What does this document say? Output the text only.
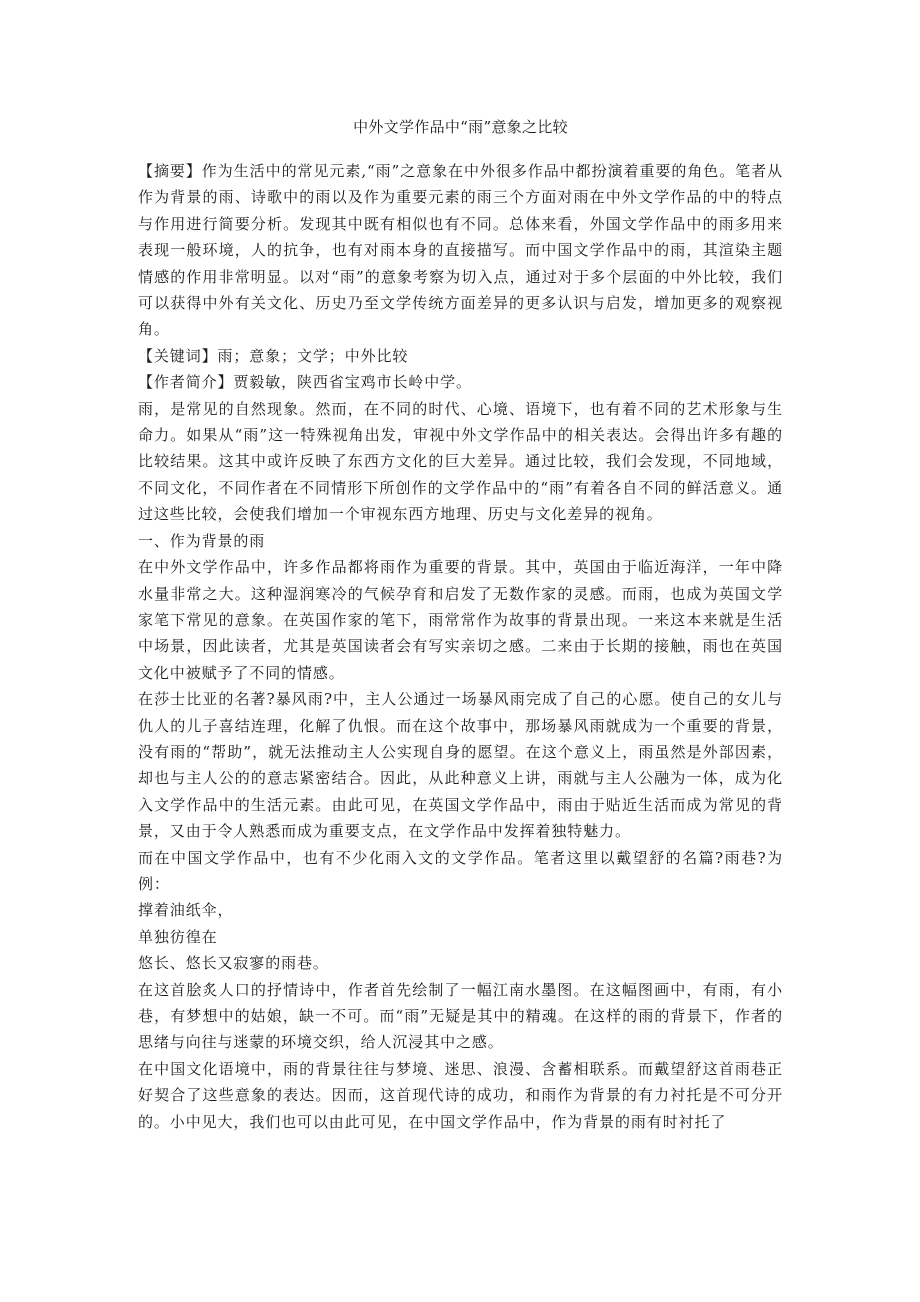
中外文学作品中“雨”意象之比较

【摘要】作为生活中的常见元素,“雨”之意象在中外很多作品中都扮演着重要的角色。笔者从作为背景的雨、诗歌中的雨以及作为重要元素的雨三个方面对雨在中外文学作品的中的特点与作用进行简要分析。发现其中既有相似也有不同。总体来看，外国文学作品中的雨多用来表现一般环境，人的抗争，也有对雨本身的直接描写。而中国文学作品中的雨，其渲染主题情感的作用非常明显。以对“雨”的意象考察为切入点，通过对于多个层面的中外比较，我们可以获得中外有关文化、历史乃至文学传统方面差异的更多认识与启发，增加更多的观察视角。

【关键词】雨；意象；文学；中外比较

【作者简介】贾毅敏，陕西省宝鸡市长岭中学。

雨，是常见的自然现象。然而，在不同的时代、心境、语境下，也有着不同的艺术形象与生命力。如果从“雨”这一特殊视角出发，审视中外文学作品中的相关表达。会得出许多有趣的比较结果。这其中或许反映了东西方文化的巨大差异。通过比较，我们会发现，不同地域，不同文化，不同作者在不同情形下所创作的文学作品中的“雨”有着各自不同的鲜活意义。通过这些比较，会使我们增加一个审视东西方地理、历史与文化差异的视角。

一、作为背景的雨

在中外文学作品中，许多作品都将雨作为重要的背景。其中，英国由于临近海洋，一年中降水量非常之大。这种湿润寒冷的气候孕育和启发了无数作家的灵感。而雨，也成为英国文学家笔下常见的意象。在英国作家的笔下，雨常常作为故事的背景出现。一来这本来就是生活中场景，因此读者，尤其是英国读者会有写实亲切之感。二来由于长期的接触，雨也在英国文化中被赋予了不同的情感。

在莎士比亚的名著?暴风雨?中，主人公通过一场暴风雨完成了自己的心愿。使自己的女儿与仇人的儿子喜结连理，化解了仇恨。而在这个故事中，那场暴风雨就成为一个重要的背景，没有雨的“帮助”，就无法推动主人公实现自身的愿望。在这个意义上，雨虽然是外部因素，却也与主人公的的意志紧密结合。因此，从此种意义上讲，雨就与主人公融为一体，成为化入文学作品中的生活元素。由此可见，在英国文学作品中，雨由于贴近生活而成为常见的背景，又由于令人熟悉而成为重要支点，在文学作品中发挥着独特魅力。

而在中国文学作品中，也有不少化雨入文的文学作品。笔者这里以戴望舒的名篇?雨巷?为例：

撑着油纸伞，

单独彷徨在

悠长、悠长又寂寥的雨巷。

在这首脍炙人口的抒情诗中，作者首先绘制了一幅江南水墨图。在这幅图画中，有雨，有小巷，有梦想中的姑娘，缺一不可。而“雨”无疑是其中的精魂。在这样的雨的背景下，作者的思绪与向往与迷蒙的环境交织，给人沉浸其中之感。

在中国文化语境中，雨的背景往往与梦境、迷思、浪漫、含蓄相联系。而戴望舒这首雨巷正好契合了这些意象的表达。因而，这首现代诗的成功，和雨作为背景的有力衬托是不可分开的。小中见大，我们也可以由此可见，在中国文学作品中，作为背景的雨有时衬托了
